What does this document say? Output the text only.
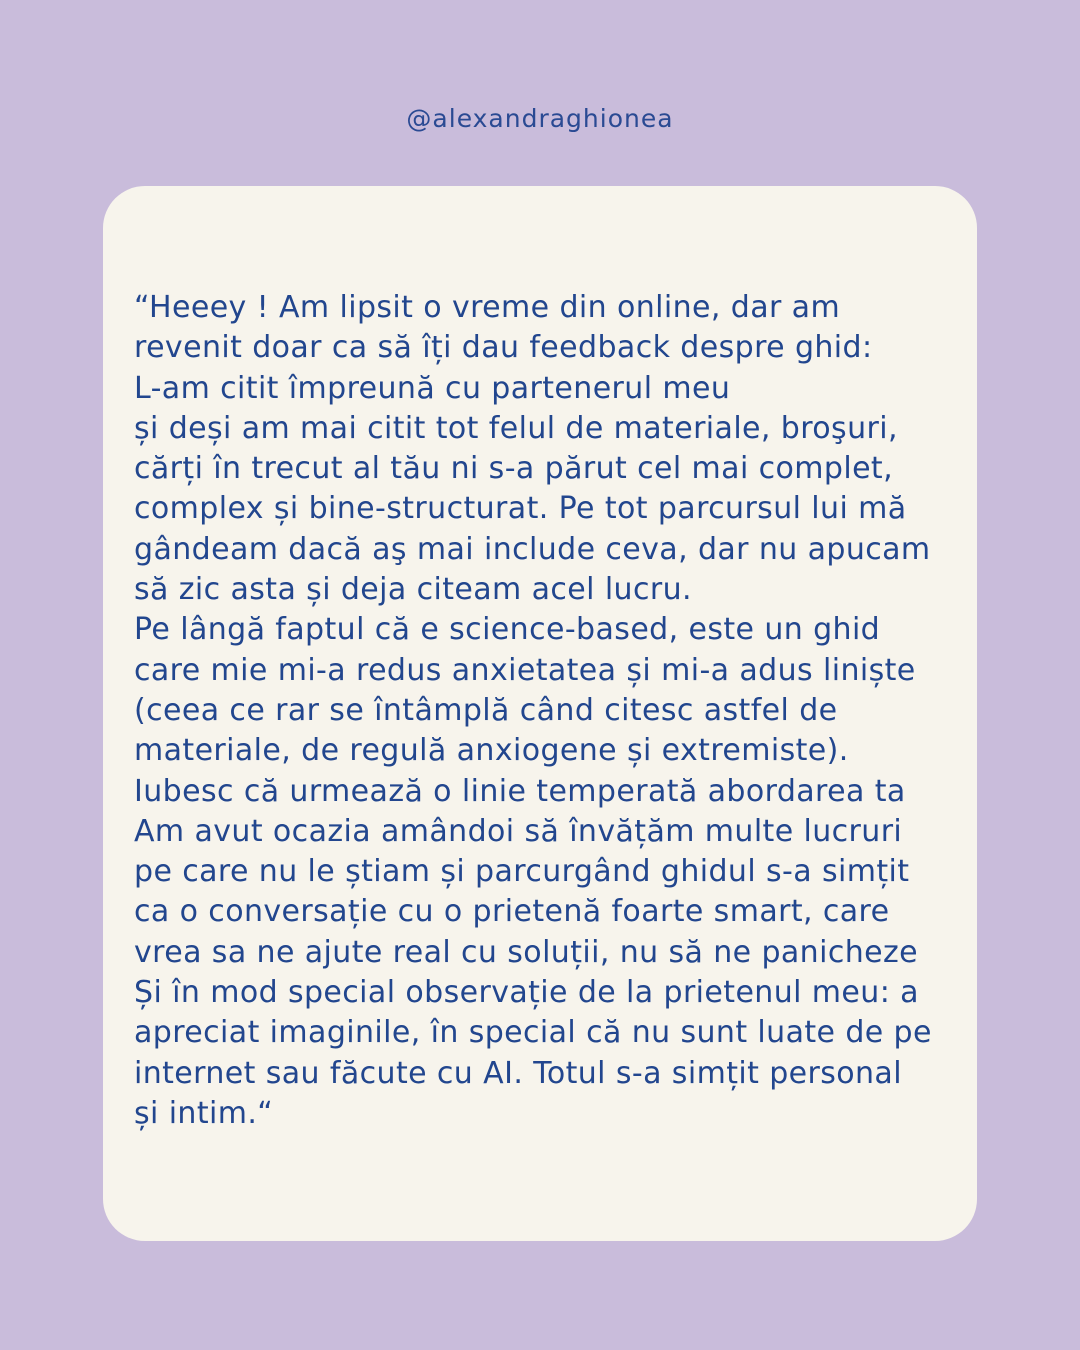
@alexandraghionea

“Heeey ! Am lipsit o vreme din online, dar am
revenit doar ca să îți dau feedback despre ghid:
L-am citit împreună cu partenerul meu
și deși am mai citit tot felul de materiale, broşuri,
cărți în trecut al tău ni s-a părut cel mai complet,
complex și bine-structurat. Pe tot parcursul lui mă
gândeam dacă aş mai include ceva, dar nu apucam
să zic asta și deja citeam acel lucru.
Pe lângă faptul că e science-based, este un ghid
care mie mi-a redus anxietatea și mi-a adus liniște
(ceea ce rar se întâmplă când citesc astfel de
materiale, de regulă anxiogene și extremiste).
Iubesc că urmează o linie temperată abordarea ta
Am avut ocazia amândoi să învățăm multe lucruri
pe care nu le știam și parcurgând ghidul s-a simțit
ca o conversație cu o prietenă foarte smart, care
vrea sa ne ajute real cu soluții, nu să ne panicheze
Și în mod special observație de la prietenul meu: a
apreciat imaginile, în special că nu sunt luate de pe
internet sau făcute cu AI. Totul s-a simțit personal
și intim.“
